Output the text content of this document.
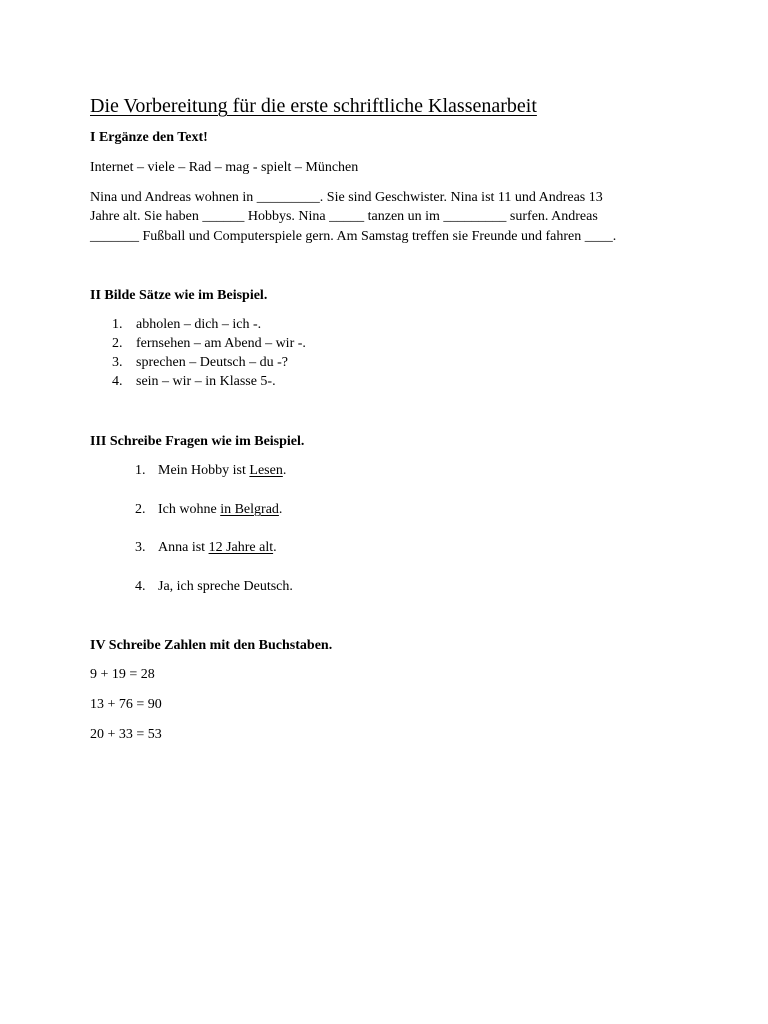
Die Vorbereitung für die erste schriftliche Klassenarbeit
I Ergänze den Text!
Internet – viele – Rad – mag - spielt – München
Nina und Andreas wohnen in _________. Sie sind Geschwister. Nina ist 11 und Andreas 13
Jahre alt. Sie haben ______ Hobbys. Nina _____ tanzen un im _________ surfen. Andreas
_______ Fußball und Computerspiele gern. Am Samstag treffen sie Freunde und fahren ____.
II Bilde Sätze wie im Beispiel.
1. abholen – dich – ich -.
2. fernsehen – am Abend – wir -.
3. sprechen – Deutsch – du -?
4. sein – wir – in Klasse 5-.
III Schreibe Fragen wie im Beispiel.
1. Mein Hobby ist Lesen.
2. Ich wohne in Belgrad.
3. Anna ist 12 Jahre alt.
4. Ja, ich spreche Deutsch.
IV Schreibe Zahlen mit den Buchstaben.
9 + 19 = 28
13 + 76 = 90
20 + 33 = 53
